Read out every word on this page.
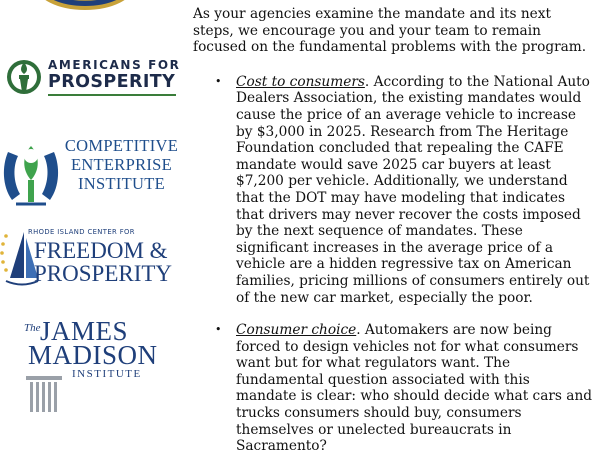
AMERICANS FOR
PROSPERITY
COMPETITIVE
ENTERPRISE
INSTITUTE
RHODE ISLAND CENTER FOR
FREEDOM &
PROSPERITY
The JAMES
MADISON
INSTITUTE

As your agencies examine the mandate and its next steps, we encourage you and your team to remain focused on the fundamental problems with the program.

• Cost to consumers. According to the National Auto Dealers Association, the existing mandates would cause the price of an average vehicle to increase by $3,000 in 2025. Research from The Heritage Foundation concluded that repealing the CAFE mandate would save 2025 car buyers at least $7,200 per vehicle. Additionally, we understand that the DOT may have modeling that indicates that drivers may never recover the costs imposed by the next sequence of mandates. These significant increases in the average price of a vehicle are a hidden regressive tax on American families, pricing millions of consumers entirely out of the new car market, especially the poor.
• Consumer choice. Automakers are now being forced to design vehicles not for what consumers want but for what regulators want. The fundamental question associated with this mandate is clear: who should decide what cars and trucks consumers should buy, consumers themselves or unelected bureaucrats in Sacramento?
